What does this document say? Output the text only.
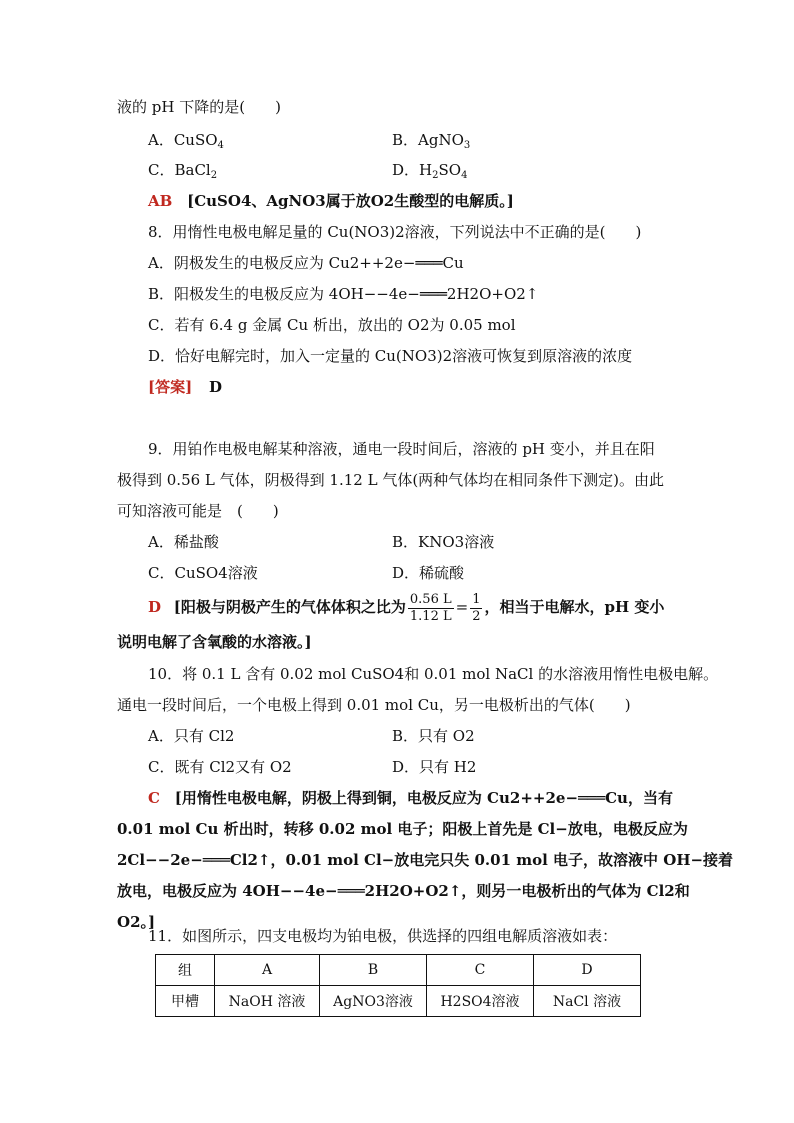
液的 pH 下降的是(　　)
A．CuSO$_4$	B．AgNO$_3$
C．BaCl$_2$	D．$H_2SO_4$
AB [CuSO4、AgNO3属于放O2生酸型的电解质。]
8．用惰性电极电解足量的 Cu(NO3)2溶液，下列说法中不正确的是(　　)
A．阴极发生的电极反应为 Cu2++2e−═══Cu
B．阳极发生的电极反应为 4OH−−4e−═══2H2O+O2↑
C．若有 6.4 g 金属 Cu 析出，放出的 O2为 0.05 mol
D．恰好电解完时，加入一定量的 Cu(NO3)2溶液可恢复到原溶液的浓度
[答案] D
9．用铂作电极电解某种溶液，通电一段时间后，溶液的 pH 变小，并且在阳
极得到 0.56 L 气体，阴极得到 1.12 L 气体(两种气体均在相同条件下测定)。由此
可知溶液可能是　(　　)
A．稀盐酸	B．KNO3溶液
C．CuSO4溶液	D．稀硫酸
D [阳极与阴极产生的气体体积之比为 $\frac{0.56 L}{1.12 L} = \frac{1}{2}$ ，相当于电解水，pH 变小
说明电解了含氧酸的水溶液。]
10．将 0.1 L 含有 0.02 mol CuSO4和 0.01 mol NaCl 的水溶液用惰性电极电解。
通电一段时间后，一个电极上得到 0.01 mol Cu，另一电极析出的气体(　　)
A．只有 Cl2	B．只有 O2
C．既有 Cl2又有 O2	D．只有 H2
C [用惰性电极电解，阴极上得到铜，电极反应为 Cu2++2e−═══Cu，当有
0.01 mol Cu 析出时，转移 0.02 mol 电子；阳极上首先是 Cl−放电，电极反应为
2Cl−−2e−═══Cl2↑，0.01 mol Cl−放电完只失 0.01 mol 电子，故溶液中 OH−接着
放电，电极反应为 4OH−−4e−═══2H2O+O2↑，则另一电极析出的气体为 Cl2和
O2。]
11．如图所示，四支电极均为铂电极，供选择的四组电解质溶液如表：
组	A	B	C	D
甲槽	NaOH 溶液	AgNO3溶液	H2SO4溶液	NaCl 溶液
